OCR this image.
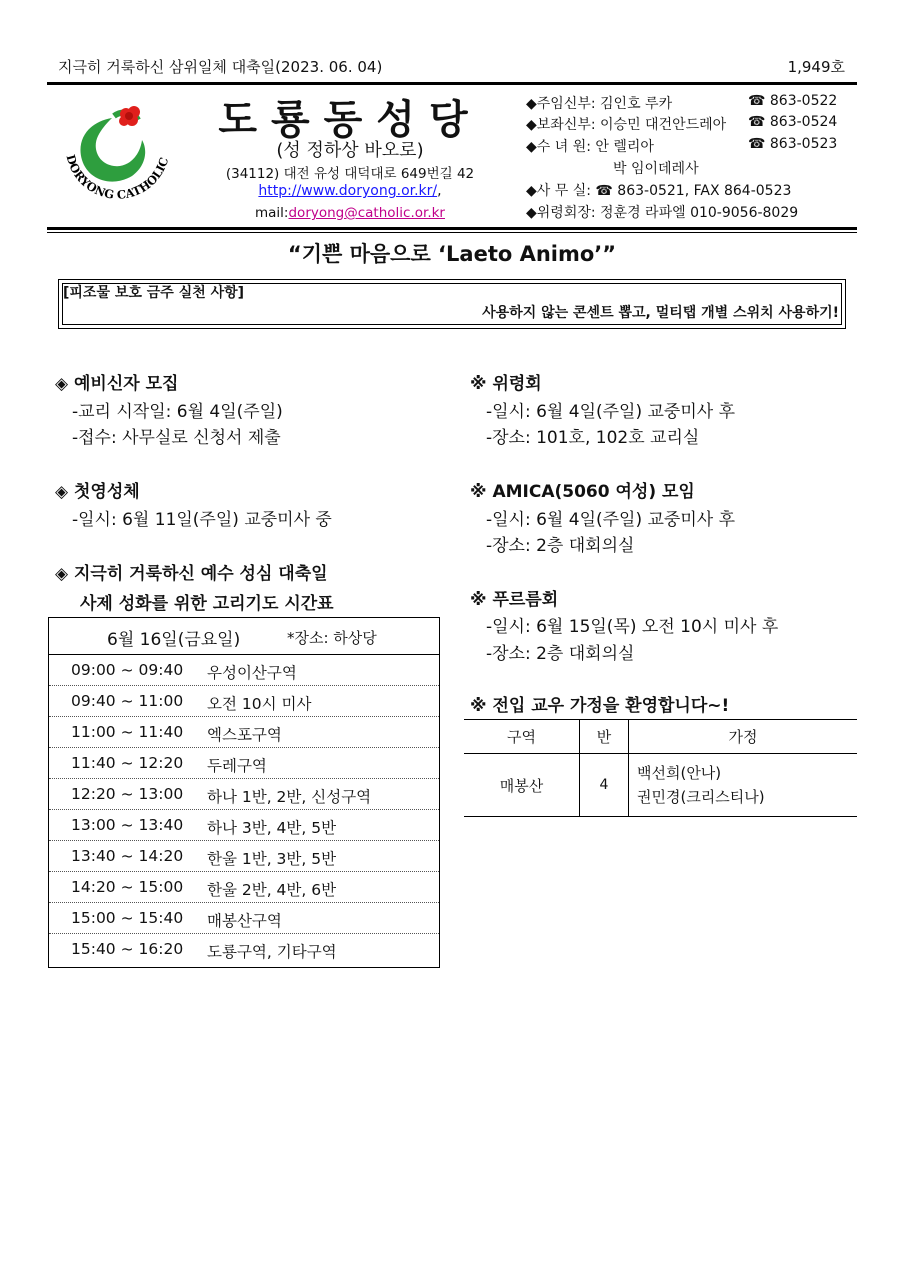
지극히 거룩하신 삼위일체 대축일(2023. 06. 04)	1,949호
DORYONG CATHOLIC
도룡동성당
(성 정하상 바오로)
(34112) 대전 유성 대덕대로 649번길 42
http://www.doryong.or.kr/,
mail:doryong@catholic.or.kr
◆주임신부: 김인호 루카	☎ 863-0522
◆보좌신부: 이승민 대건안드레아 ☎ 863-0524
◆수 녀 원: 안 렐리아	☎ 863-0523
박 임이데레사
◆사 무 실: ☎ 863-0521, FAX 864-0523
◆위령회장: 정훈경 라파엘 010-9056-8029
“기쁜 마음으로 ‘Laeto Animo’”
[피조물 보호 금주 실천 사항]
사용하지 않는 콘센트 뽑고, 멀티탭 개별 스위치 사용하기!
◈ 예비신자 모집
-교리 시작일: 6월 4일(주일)
-접수: 사무실로 신청서 제출
◈ 첫영성체
-일시: 6월 11일(주일) 교중미사 중
◈ 지극히 거룩하신 예수 성심 대축일
사제 성화를 위한 고리기도 시간표
6월 16일(금요일)	*장소: 하상당
09:00 ~ 09:40 우성이산구역
09:40 ~ 11:00 오전 10시 미사
11:00 ~ 11:40 엑스포구역
11:40 ~ 12:20 두레구역
12:20 ~ 13:00 하나 1반, 2반, 신성구역
13:00 ~ 13:40 하나 3반, 4반, 5반
13:40 ~ 14:20 한울 1반, 3반, 5반
14:20 ~ 15:00 한울 2반, 4반, 6반
15:00 ~ 15:40 매봉산구역
15:40 ~ 16:20 도룡구역, 기타구역
※ 위령회
-일시: 6월 4일(주일) 교중미사 후
-장소: 101호, 102호 교리실
※ AMICA(5060 여성) 모임
-일시: 6월 4일(주일) 교중미사 후
-장소: 2층 대회의실
※ 푸르름회
-일시: 6월 15일(목) 오전 10시 미사 후
-장소: 2층 대회의실
※ 전입 교우 가정을 환영합니다~!
구역	반	가정
매봉산	4	백선희(안나)
권민경(크리스티나)
